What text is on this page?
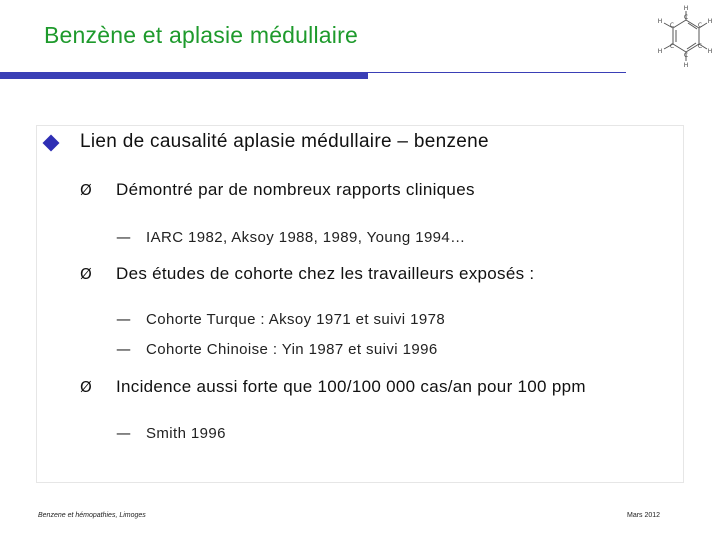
Benzène et aplasie médullaire
H
H
H
H
H
H
C
C
C
C
C
C
Lien de causalité aplasie médullaire – benzene
Ø Démontré par de nombreux rapports cliniques
— IARC 1982, Aksoy 1988, 1989, Young 1994…
Ø Des études de cohorte chez les travailleurs exposés :
— Cohorte Turque : Aksoy 1971 et suivi 1978
— Cohorte Chinoise : Yin 1987 et suivi 1996
Ø Incidence aussi forte que 100/100 000 cas/an pour 100 ppm
— Smith 1996
Benzene et hémopathies, Limoges	Mars 2012
